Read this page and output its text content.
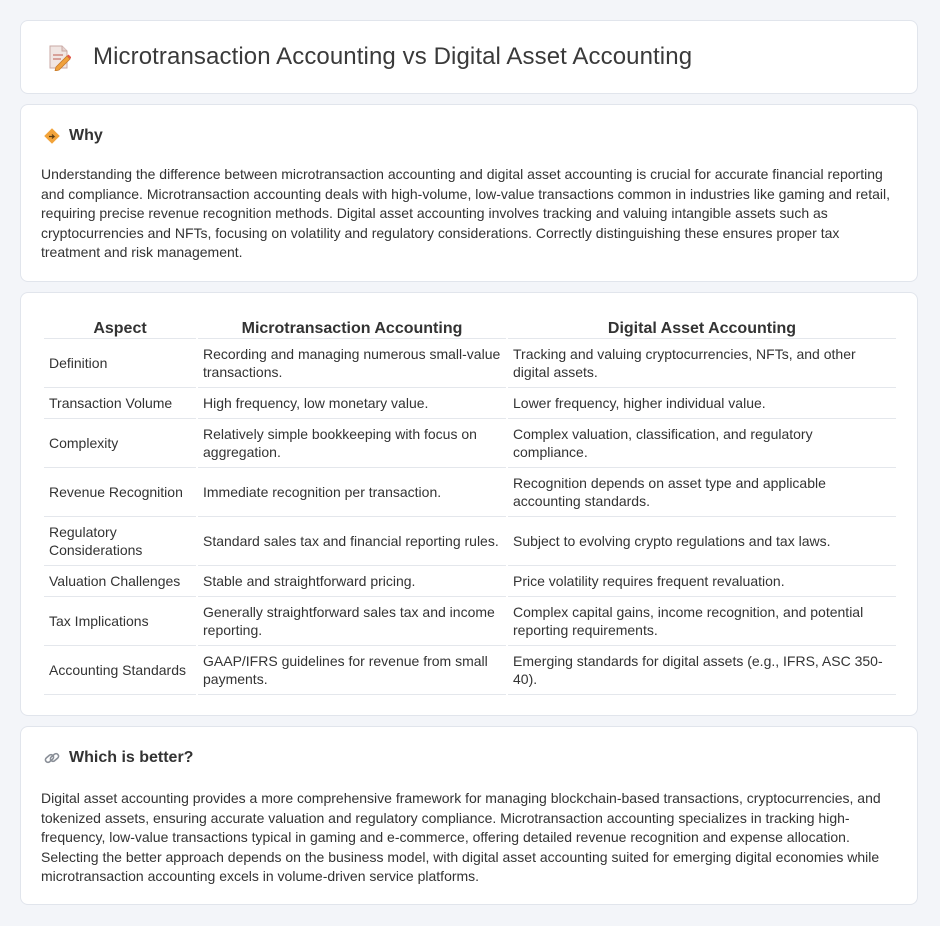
Microtransaction Accounting vs Digital Asset Accounting
Why
Understanding the difference between microtransaction accounting and digital asset accounting is crucial for accurate financial reporting and compliance. Microtransaction accounting deals with high-volume, low-value transactions common in industries like gaming and retail, requiring precise revenue recognition methods. Digital asset accounting involves tracking and valuing intangible assets such as cryptocurrencies and NFTs, focusing on volatility and regulatory considerations. Correctly distinguishing these ensures proper tax treatment and risk management.
Aspect	Microtransaction Accounting	Digital Asset Accounting
Definition	Recording and managing numerous small-value transactions.	Tracking and valuing cryptocurrencies, NFTs, and other digital assets.
Transaction Volume	High frequency, low monetary value.	Lower frequency, higher individual value.
Complexity	Relatively simple bookkeeping with focus on aggregation.	Complex valuation, classification, and regulatory compliance.
Revenue Recognition	Immediate recognition per transaction.	Recognition depends on asset type and applicable accounting standards.
Regulatory Considerations	Standard sales tax and financial reporting rules.	Subject to evolving crypto regulations and tax laws.
Valuation Challenges	Stable and straightforward pricing.	Price volatility requires frequent revaluation.
Tax Implications	Generally straightforward sales tax and income reporting.	Complex capital gains, income recognition, and potential reporting requirements.
Accounting Standards	GAAP/IFRS guidelines for revenue from small payments.	Emerging standards for digital assets (e.g., IFRS, ASC 350-40).
Which is better?
Digital asset accounting provides a more comprehensive framework for managing blockchain-based transactions, cryptocurrencies, and tokenized assets, ensuring accurate valuation and regulatory compliance. Microtransaction accounting specializes in tracking high-frequency, low-value transactions typical in gaming and e-commerce, offering detailed revenue recognition and expense allocation. Selecting the better approach depends on the business model, with digital asset accounting suited for emerging digital economies while microtransaction accounting excels in volume-driven service platforms.
